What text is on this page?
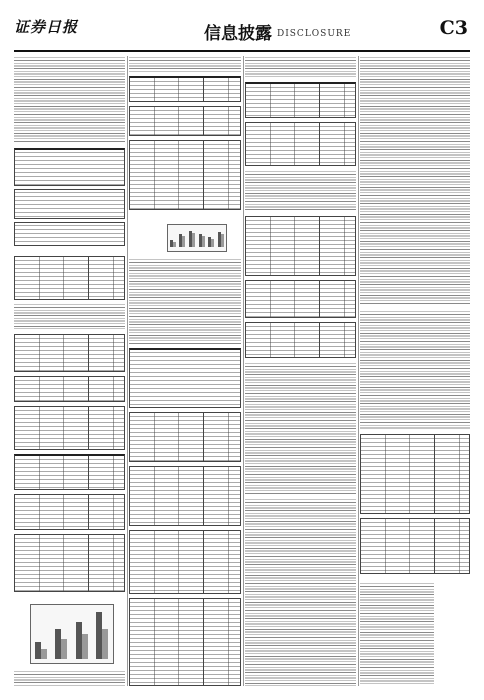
证券日报	信息披露 DISCLOSURE	C3
